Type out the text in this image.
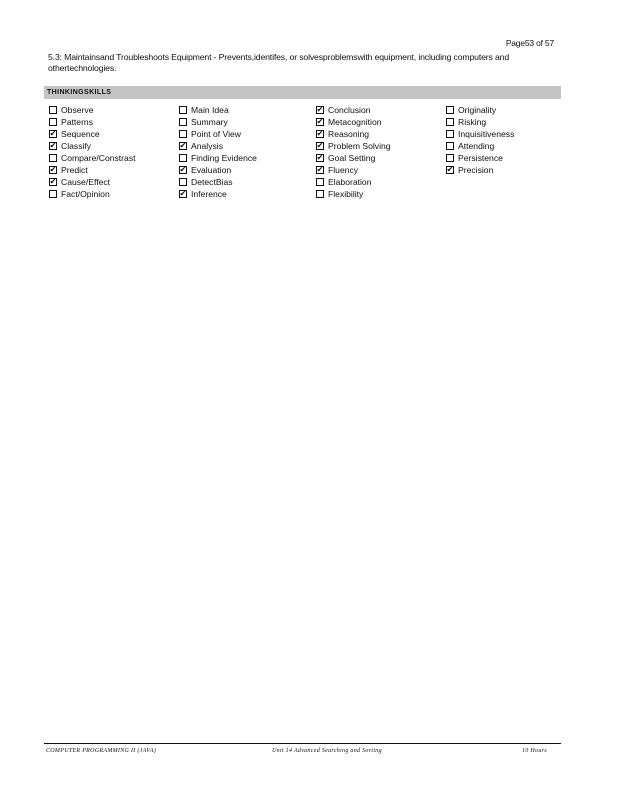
Page53 of 57
5.3: Maintainsand Troubleshoots Equipment - Prevents,identifes, or solvesproblemswith equipment, including computers and othertechnologies.
THINKINGSKILLS
Observe
Patterns
✔ Sequence
✔ Classify
Compare/Constrast
✔ Predict
✔ Cause/Effect
Fact/Opinion
Main Idea
Summary
Point of View
✔ Analysis
Finding Evidence
✔ Evaluation
DetectBias
✔ Inference
✔ Conclusion
✔ Metacognition
✔ Reasoning
✔ Problem Solving
✔ Goal Setting
✔ Fluency
Elaboration
Flexibility
Originality
Risking
Inquisitiveness
Attending
Persistence
✔ Precision
COMPUTER PROGRAMMING II (JAVA)	Unit 14 Advanced Searching and Sorting	10 Hours
